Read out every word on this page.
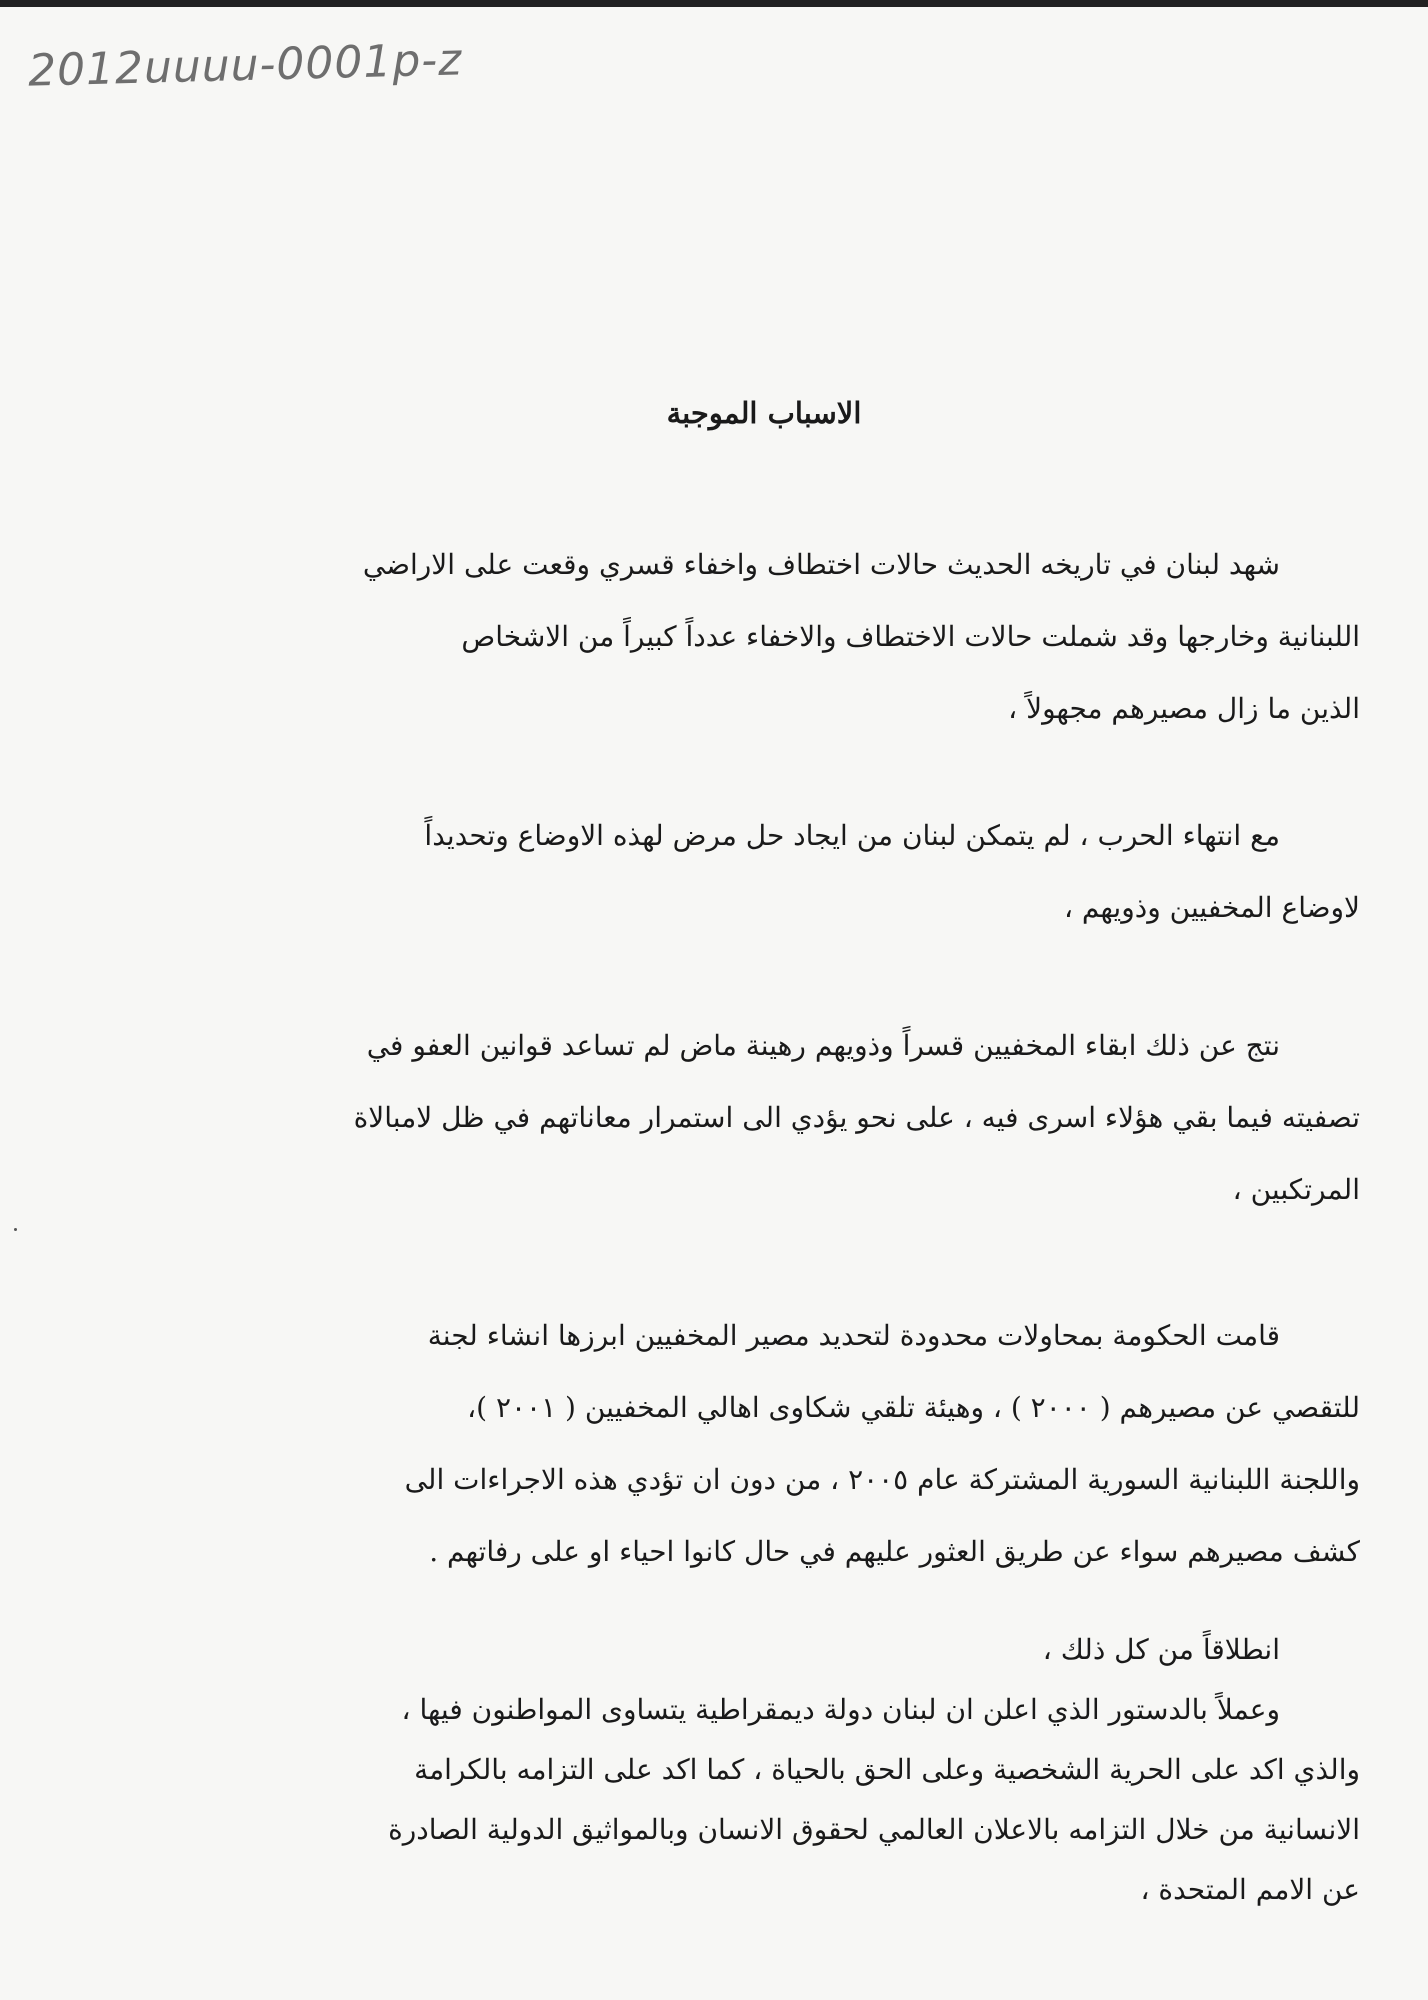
2012uuuu-0001p-z
الاسباب الموجبة
شهد لبنان في تاريخه الحديث حالات اختطاف واخفاء قسري وقعت على الاراضي
اللبنانية وخارجها وقد شملت حالات الاختطاف والاخفاء عدداً كبيراً من الاشخاص
الذين ما زال مصيرهم مجهولاً ،
مع انتهاء الحرب ، لم يتمكن لبنان من ايجاد حل مرض لهذه الاوضاع وتحديداً
لاوضاع المخفيين وذويهم ،
نتج عن ذلك ابقاء المخفيين قسراً وذويهم رهينة ماض لم تساعد قوانين العفو في
تصفيته فيما بقي هؤلاء اسرى فيه ، على نحو يؤدي الى استمرار معاناتهم في ظل لامبالاة
المرتكبين ،
قامت الحكومة بمحاولات محدودة لتحديد مصير المخفيين ابرزها انشاء لجنة
للتقصي عن مصيرهم ( ٢٠٠٠ ) ، وهيئة تلقي شكاوى اهالي المخفيين ( ٢٠٠١ )،
واللجنة اللبنانية السورية المشتركة عام ٢٠٠٥ ، من دون ان تؤدي هذه الاجراءات الى
كشف مصيرهم سواء عن طريق العثور عليهم في حال كانوا احياء او على رفاتهم .
انطلاقاً من كل ذلك ،
وعملاً بالدستور الذي اعلن ان لبنان دولة ديمقراطية يتساوى المواطنون فيها ،
والذي اكد على الحرية الشخصية وعلى الحق بالحياة ، كما اكد على التزامه بالكرامة
الانسانية من خلال التزامه بالاعلان العالمي لحقوق الانسان وبالمواثيق الدولية الصادرة
عن الامم المتحدة ،
